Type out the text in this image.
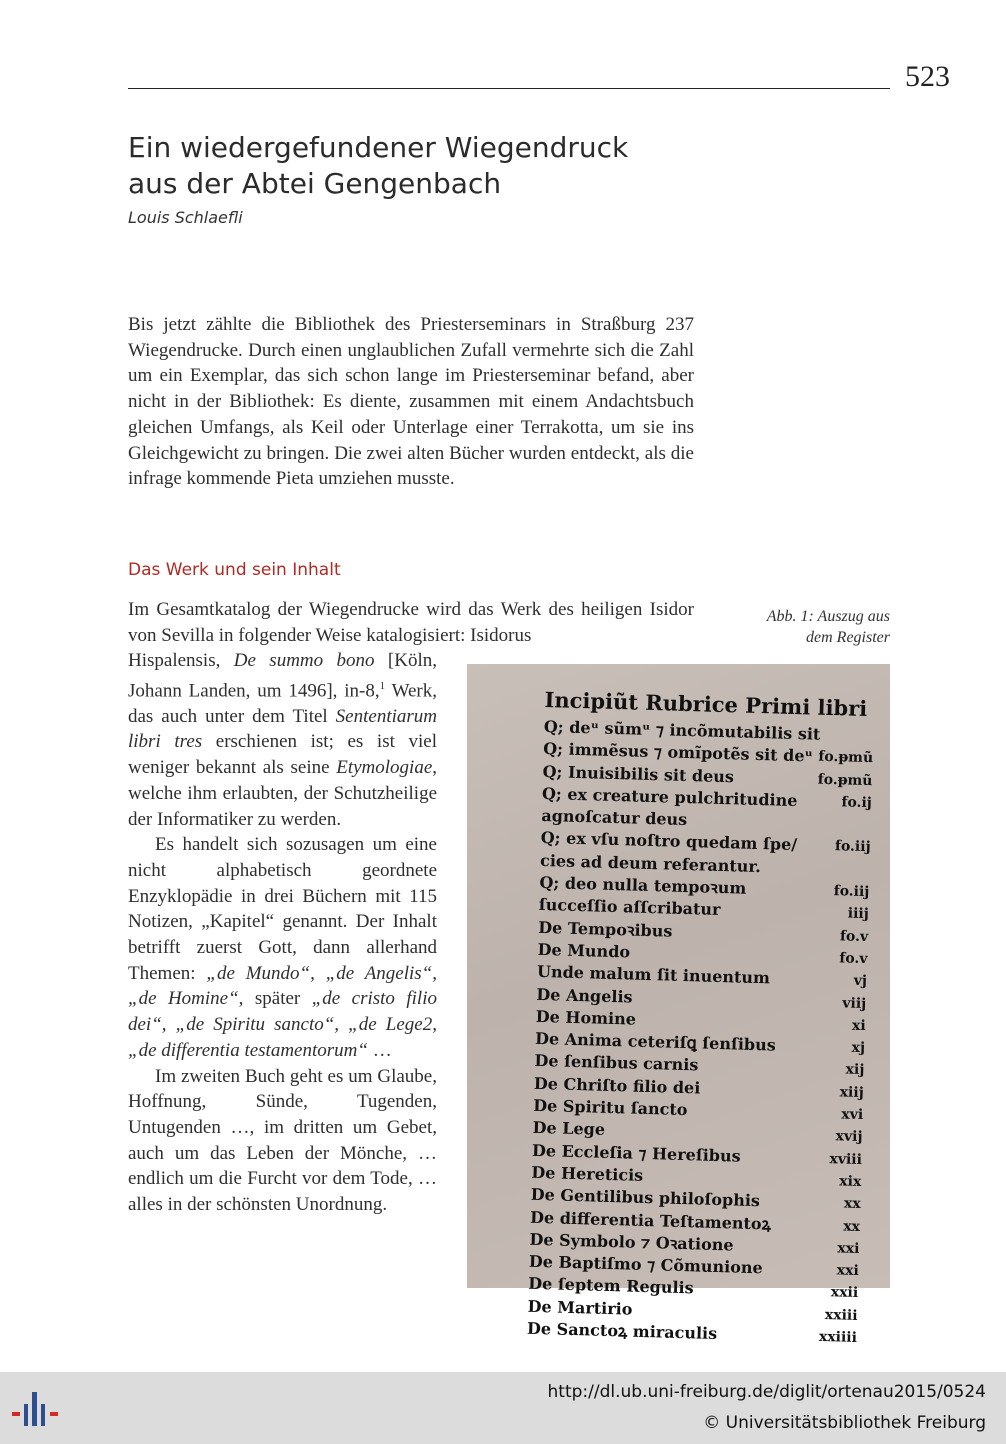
523
Ein wiedergefundener Wiegendruck
aus der Abtei Gengenbach
Louis Schlaefli

Bis jetzt zählte die Bibliothek des Priesterseminars in Straßburg 237 Wiegendrucke. Durch einen unglaublichen Zufall vermehrte sich die Zahl um ein Exemplar, das sich schon lange im Priesterseminar befand, aber nicht in der Bibliothek: Es diente, zusammen mit einem Andachtsbuch gleichen Umfangs, als Keil oder Unterlage einer Terrakotta, um sie ins Gleichgewicht zu bringen. Die zwei alten Bücher wurden entdeckt, als die infrage kommende Pieta umziehen musste.

Das Werk und sein Inhalt

Im Gesamtkatalog der Wiegendrucke wird das Werk des heiligen Isidor von Sevilla in folgender Weise katalogisiert: Isidorus

Abb. 1: Auszug aus
dem Register

Hispalensis, De summo bono [Köln, Johann Landen, um 1496], in-8,$^1$ Werk, das auch unter dem Titel Sententiarum libri tres erschienen ist; es ist viel weniger bekannt als seine Etymologiae, welche ihm erlaubten, der Schutzheilige der Informatiker zu werden.

Es handelt sich sozusagen um eine nicht alphabetisch geordnete Enzyklopädie in drei Büchern mit 115 Notizen, „Kapitel“ genannt. Der Inhalt betrifft zuerst Gott, dann allerhand Themen: „de Mundo“, „de Angelis“, „de Homine“, später „de cristo filio dei“, „de Spiritu sancto“, „de Lege2, „de differentia testamentorum“ …

Im zweiten Buch geht es um Glaube, Hoffnung, Sünde, Tugenden, Untugenden …, im dritten um Gebet, auch um das Leben der Mönche, … endlich um die Furcht vor dem Tode, … alles in der schönsten Unordnung.

Incipiũt Rubrice Primi libri
Q; deᵘ sũmᵘ ⁊ incõmutabilis sit
Q; immẽsus ⁊ omĩpotẽs sit deᵘ fo.ᵽmũ
Q; Inuisibilis sit deus	fo.ᵽmũ
Q; ex creature pulchritudine	fo.ij
agnoſcatur deus
Q; ex vſu noſtro quedam ſpe/	fo.iij
cies ad deum referantur.
Q; deo nulla tempoꝛum	fo.iij
ſucceſſio aſſcribatur	iiij
De Tempoꝛibus	fo.v
De Mundo	fo.v
Unde malum ſit inuentum	vj
De Angelis	viij
De Homine	xi
De Anima ceteriſꝗ ſenſibus	xj
De ſenſibus carnis	xij
De Chriſto filio dei	xiij
De Spiritu ſancto	xvi
De Lege	xvij
De Eccleſia ⁊ Hereſibus	xviii
De Hereticis	xix
De Gentilibus philoſophis	xx
De differentia Teſtamentoꝝ	xx
De Symbolo ⁊ Oꝛatione	xxi
De Baptiſmo ⁊ Cõmunione	xxi
De ſeptem Regulis	xxii
De Martirio	xxiii
De Sanctoꝝ miraculis	xxiiii
http://dl.ub.uni-freiburg.de/diglit/ortenau2015/0524
© Universitätsbibliothek Freiburg
